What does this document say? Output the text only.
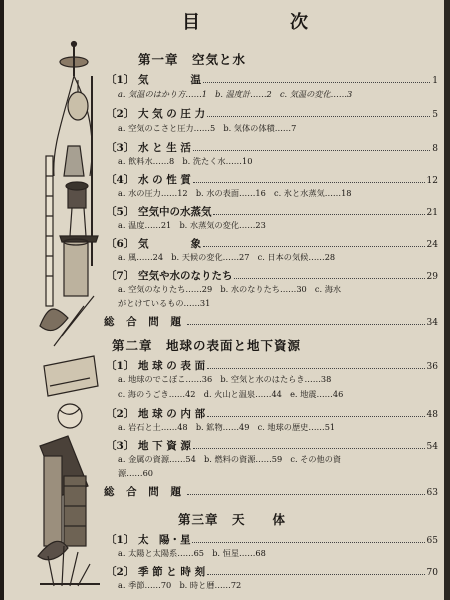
目　次
第一章　空気と水
〔1〕 気　　　　温	1
a. 気温のはかり方……1　b. 温度計……2　c. 気温の変化……3
〔2〕 大 気 の 圧 力	5
a. 空気のこさと圧力……5　b. 気体の体積……7
〔3〕 水 と 生 活	8
a. 飲料水……8　b. 洗たく水……10
〔4〕 水 の 性 質	12
a. 水の圧力……12　b. 水の表面……16　c. 氷と水蒸気……18
〔5〕 空気中の水蒸気	21
a. 温度……21　b. 水蒸気の変化……23
〔6〕 気　　　　象	24
a. 風……24　b. 天候の変化……27　c. 日本の気候……28
〔7〕 空気や水のなりたち	29
a. 空気のなりたち……29　b. 水のなりたち……30　c. 海水
がとけているもの……31
総 合 問 題	34
第二章　地球の表面と地下資源
〔1〕 地 球 の 表 面	36
a. 地球のでこぼこ……36　b. 空気と水のはたらき……38
c. 海のうごき……42　d. 火山と温泉……44　e. 地震……46
〔2〕 地 球 の 内 部	48
a. 岩石と土……48　b. 鉱物……49　c. 地球の歴史……51
〔3〕 地 下 資 源	54
a. 金属の資源……54　b. 燃料の資源……59　c. その他の資
源……60
総 合 問 題	63
第三章　天　　体
〔1〕 太　陽・星	65
a. 太陽と太陽系……65　b. 恒星……68
〔2〕 季 節 と 時 刻	70
a. 季節……70　b. 時と暦……72
